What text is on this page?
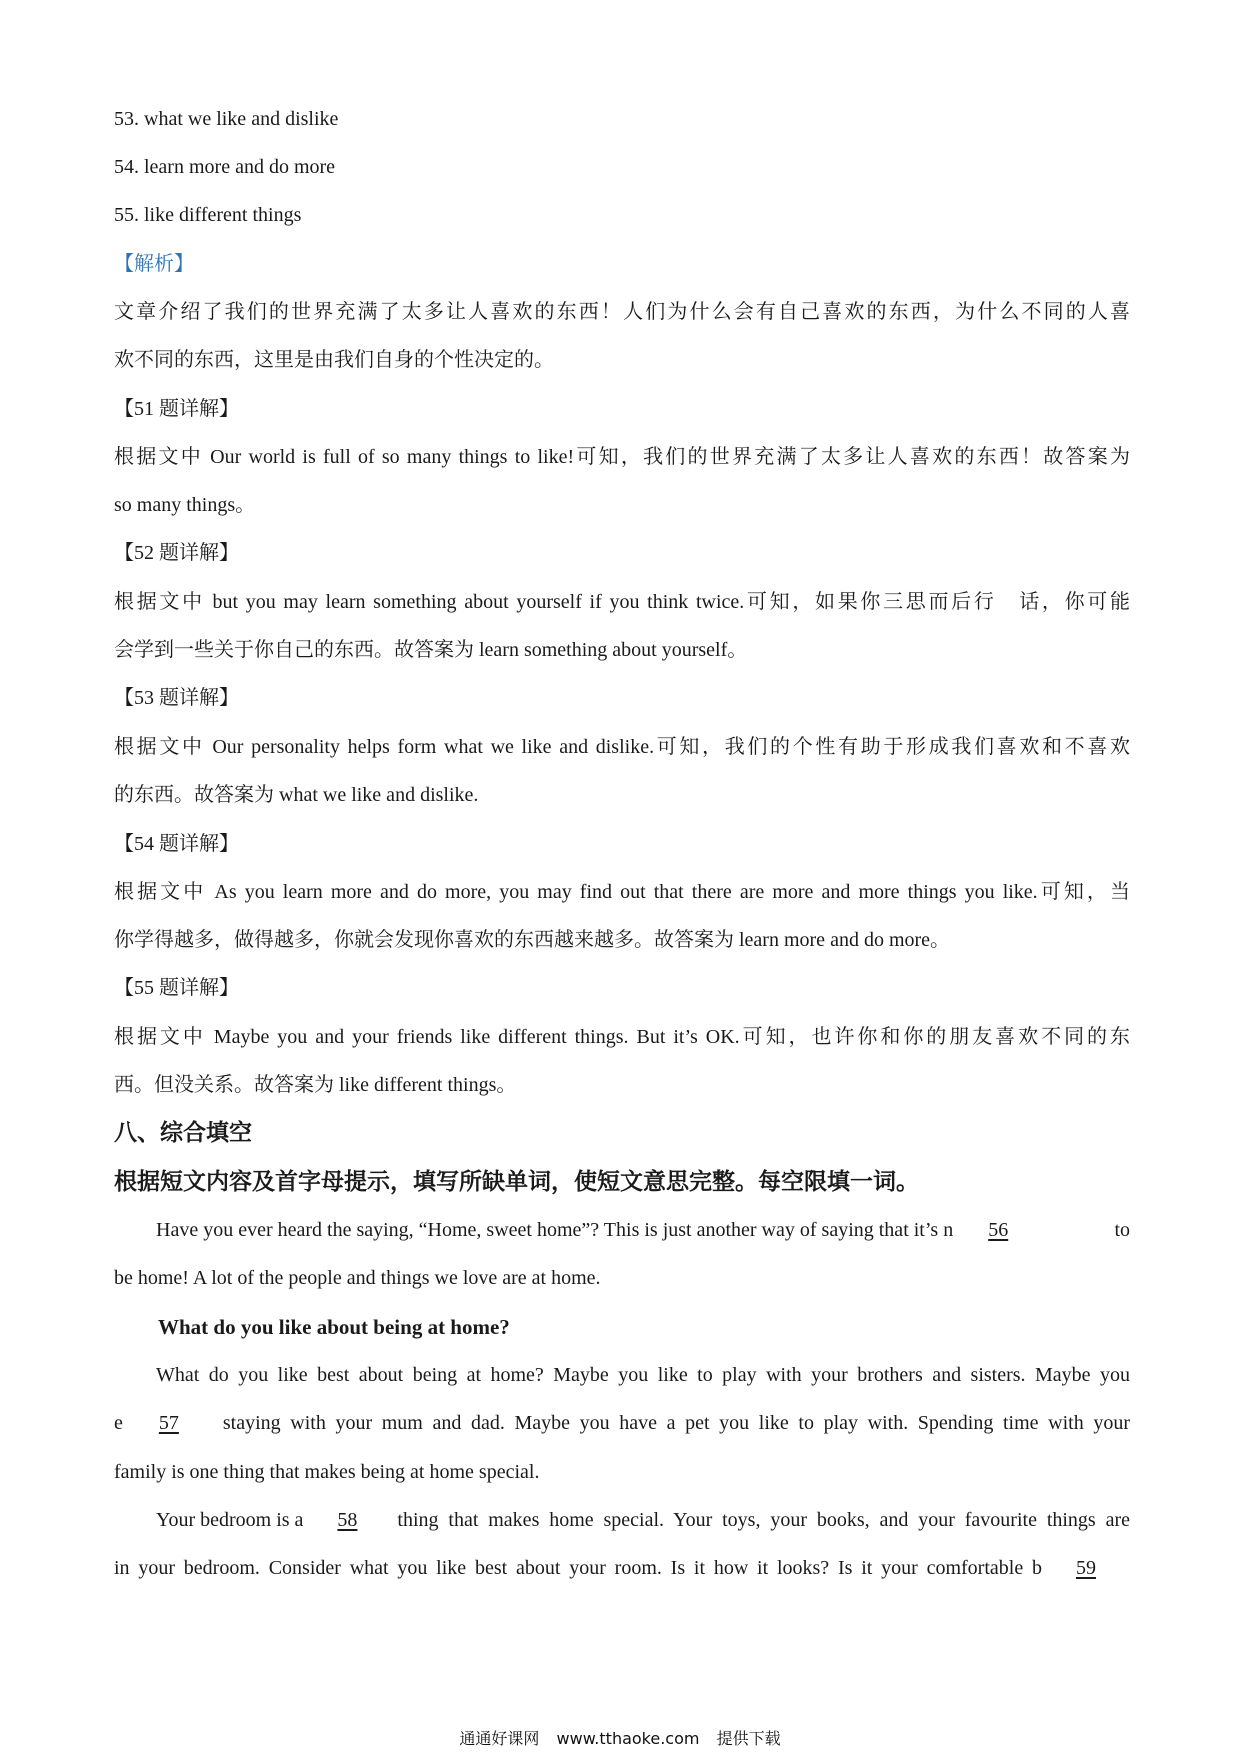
53. what we like and dislike
54. learn more and do more
55. like different things
【解析】
文章介绍了我们的世界充满了太多让人喜欢的东西！人们为什么会有自己喜欢的东西，为什么不同的人喜
欢不同的东西，这里是由我们自身的个性决定的。
【51 题详解】
根据文中 Our world is full of so many things to like!可知，我们的世界充满了太多让人喜欢的东西！故答案为
so many things。
【52 题详解】
根据文中 but you may learn something about yourself if you think twice.可知，如果你三思而后行　话，你可能
会学到一些关于你自己的东西。故答案为 learn something about yourself。
【53 题详解】
根据文中 Our personality helps form what we like and dislike.可知，我们的个性有助于形成我们喜欢和不喜欢
的东西。故答案为 what we like and dislike.
【54 题详解】
根据文中 As you learn more and do more, you may find out that there are more and more things you like.可知，当
你学得越多，做得越多，你就会发现你喜欢的东西越来越多。故答案为 learn more and do more。
【55 题详解】
根据文中 Maybe you and your friends like different things. But it’s OK.可知，也许你和你的朋友喜欢不同的东
西。但没关系。故答案为 like different things。
八、综合填空
根据短文内容及首字母提示，填写所缺单词，使短文意思完整。每空限填一词。
Have you ever heard the saying, “Home, sweet home”? This is just another way of saying that it’s n	56	to
be home! A lot of the people and things we love are at home.
What do you like about being at home?
What do you like best about being at home? Maybe you like to play with your brothers and sisters. Maybe you
e	57	staying with your mum and dad. Maybe you have a pet you like to play with. Spending time with your
family is one thing that makes being at home special.
Your bedroom is a	58	thing that makes home special. Your toys, your books, and your favourite things are
in your bedroom. Consider what you like best about your room. Is it how it looks? Is it your comfortable b	59
通通好课网 www.tthaoke.com 提供下载
